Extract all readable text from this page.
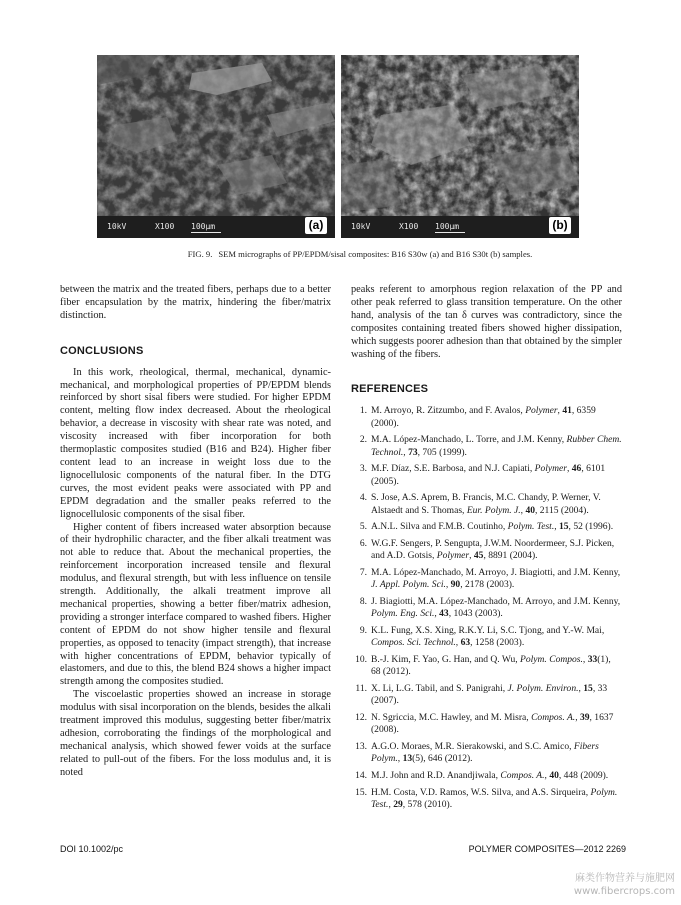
10kV	X100 100μm	(a)	10kV	X100 100μm	(b)
FIG. 9. SEM micrographs of PP/EPDM/sisal composites: B16 S30w (a) and B16 S30t (b) samples.

between the matrix and the treated fibers, perhaps due to a better fiber encapsulation by the matrix, hindering the fiber/matrix distinction.

CONCLUSIONS

In this work, rheological, thermal, mechanical, dynamic-mechanical, and morphological properties of PP/EPDM blends reinforced by short sisal fibers were studied. For higher EPDM content, melting flow index decreased. About the rheological behavior, a decrease in viscosity with shear rate was noted, and viscosity increased with fiber incorporation for both thermoplastic composites studied (B16 and B24). Higher fiber content lead to an increase in weight loss due to the lignocellulosic components of the natural fiber. In the DTG curves, the most evident peaks were associated with PP and EPDM degradation and the smaller peaks referred to the lignocellulosic components of the sisal fiber.

Higher content of fibers increased water absorption because of their hydrophilic character, and the fiber alkali treatment was not able to reduce that. About the mechanical properties, the reinforcement incorporation increased tensile and flexural modulus, and flexural strength, but with less influence on tensile strength. Additionally, the alkali treatment improve all mechanical properties, showing a better fiber/matrix adhesion, providing a stronger interface compared to washed fibers. Higher content of EPDM do not show higher tensile and flexural properties, as opposed to tenacity (impact strength), that increase with higher concentrations of EPDM, behavior typically of elastomers, and due to this, the blend B24 shows a higher impact strength among the composites studied.

The viscoelastic properties showed an increase in storage modulus with sisal incorporation on the blends, besides the alkali treatment improved this modulus, suggesting better fiber/matrix adhesion, corroborating the findings of the morphological and mechanical analysis, which showed fewer voids at the surface related to pull-out of the fibers. For the loss modulus and, it is noted

peaks referent to amorphous region relaxation of the PP and other peak referred to glass transition temperature. On the other hand, analysis of the tan δ curves was contradictory, since the composites containing treated fibers showed higher dissipation, which suggests poorer adhesion than that obtained by the simpler washing of the fibers.

REFERENCES
1. M. Arroyo, R. Zitzumbo, and F. Avalos, Polymer, 41, 6359 (2000).
2. M.A. López-Manchado, L. Torre, and J.M. Kenny, Rubber Chem. Technol., 73, 705 (1999).
3. M.F. Díaz, S.E. Barbosa, and N.J. Capiati, Polymer, 46, 6101 (2005).
4. S. Jose, A.S. Aprem, B. Francis, M.C. Chandy, P. Werner, V. Alstaedt and S. Thomas, Eur. Polym. J., 40, 2115 (2004).
5. A.N.L. Silva and F.M.B. Coutinho, Polym. Test., 15, 52 (1996).
6. W.G.F. Sengers, P. Sengupta, J.W.M. Noordermeer, S.J. Picken, and A.D. Gotsis, Polymer, 45, 8891 (2004).
7. M.A. López-Manchado, M. Arroyo, J. Biagiotti, and J.M. Kenny, J. Appl. Polym. Sci., 90, 2178 (2003).
8. J. Biagiotti, M.A. López-Manchado, M. Arroyo, and J.M. Kenny, Polym. Eng. Sci., 43, 1043 (2003).
9. K.L. Fung, X.S. Xing, R.K.Y. Li, S.C. Tjong, and Y.-W. Mai, Compos. Sci. Technol., 63, 1258 (2003).
10. B.-J. Kim, F. Yao, G. Han, and Q. Wu, Polym. Compos., 33(1), 68 (2012).
11. X. Li, L.G. Tabil, and S. Panigrahi, J. Polym. Environ., 15, 33 (2007).
12. N. Sgriccia, M.C. Hawley, and M. Misra, Compos. A., 39, 1637 (2008).
13. A.G.O. Moraes, M.R. Sierakowski, and S.C. Amico, Fibers Polym., 13(5), 646 (2012).
14. M.J. John and R.D. Anandjiwala, Compos. A., 40, 448 (2009).
15. H.M. Costa, V.D. Ramos, W.S. Silva, and A.S. Sirqueira, Polym. Test., 29, 578 (2010).
DOI 10.1002/pc	POLYMER COMPOSITES—2012 2269
麻类作物营养与施肥网
www.fibercrops.com
